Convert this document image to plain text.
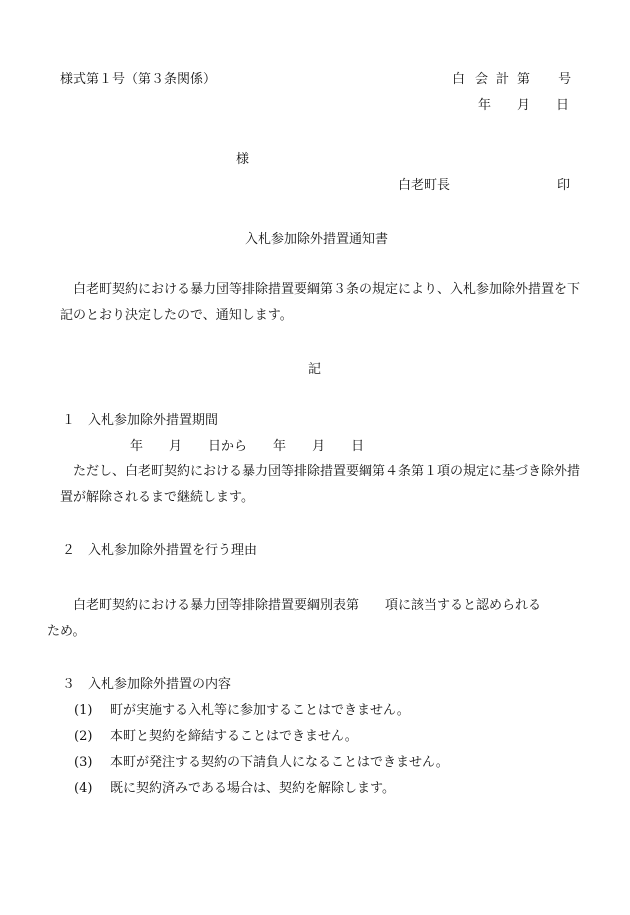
様式第１号（第３条関係）	白 会 計 第 号
年 月 日
様
白老町長	印
入札参加除外措置通知書
白老町契約における暴力団等排除措置要綱第３条の規定により、入札参加除外措置を下記のとおり決定したので、通知します。
記
１　入札参加除外措置期間
年 月 日から 年 月 日
ただし、白老町契約における暴力団等排除措置要綱第４条第１項の規定に基づき除外措置が解除されるまで継続します。
２　入札参加除外措置を行う理由
白老町契約における暴力団等排除措置要綱別表第 項に該当すると認められる
ため。
３　入札参加除外措置の内容
(1) 町が実施する入札等に参加することはできません。
(2) 本町と契約を締結することはできません。
(3) 本町が発注する契約の下請負人になることはできません。
(4) 既に契約済みである場合は、契約を解除します。
